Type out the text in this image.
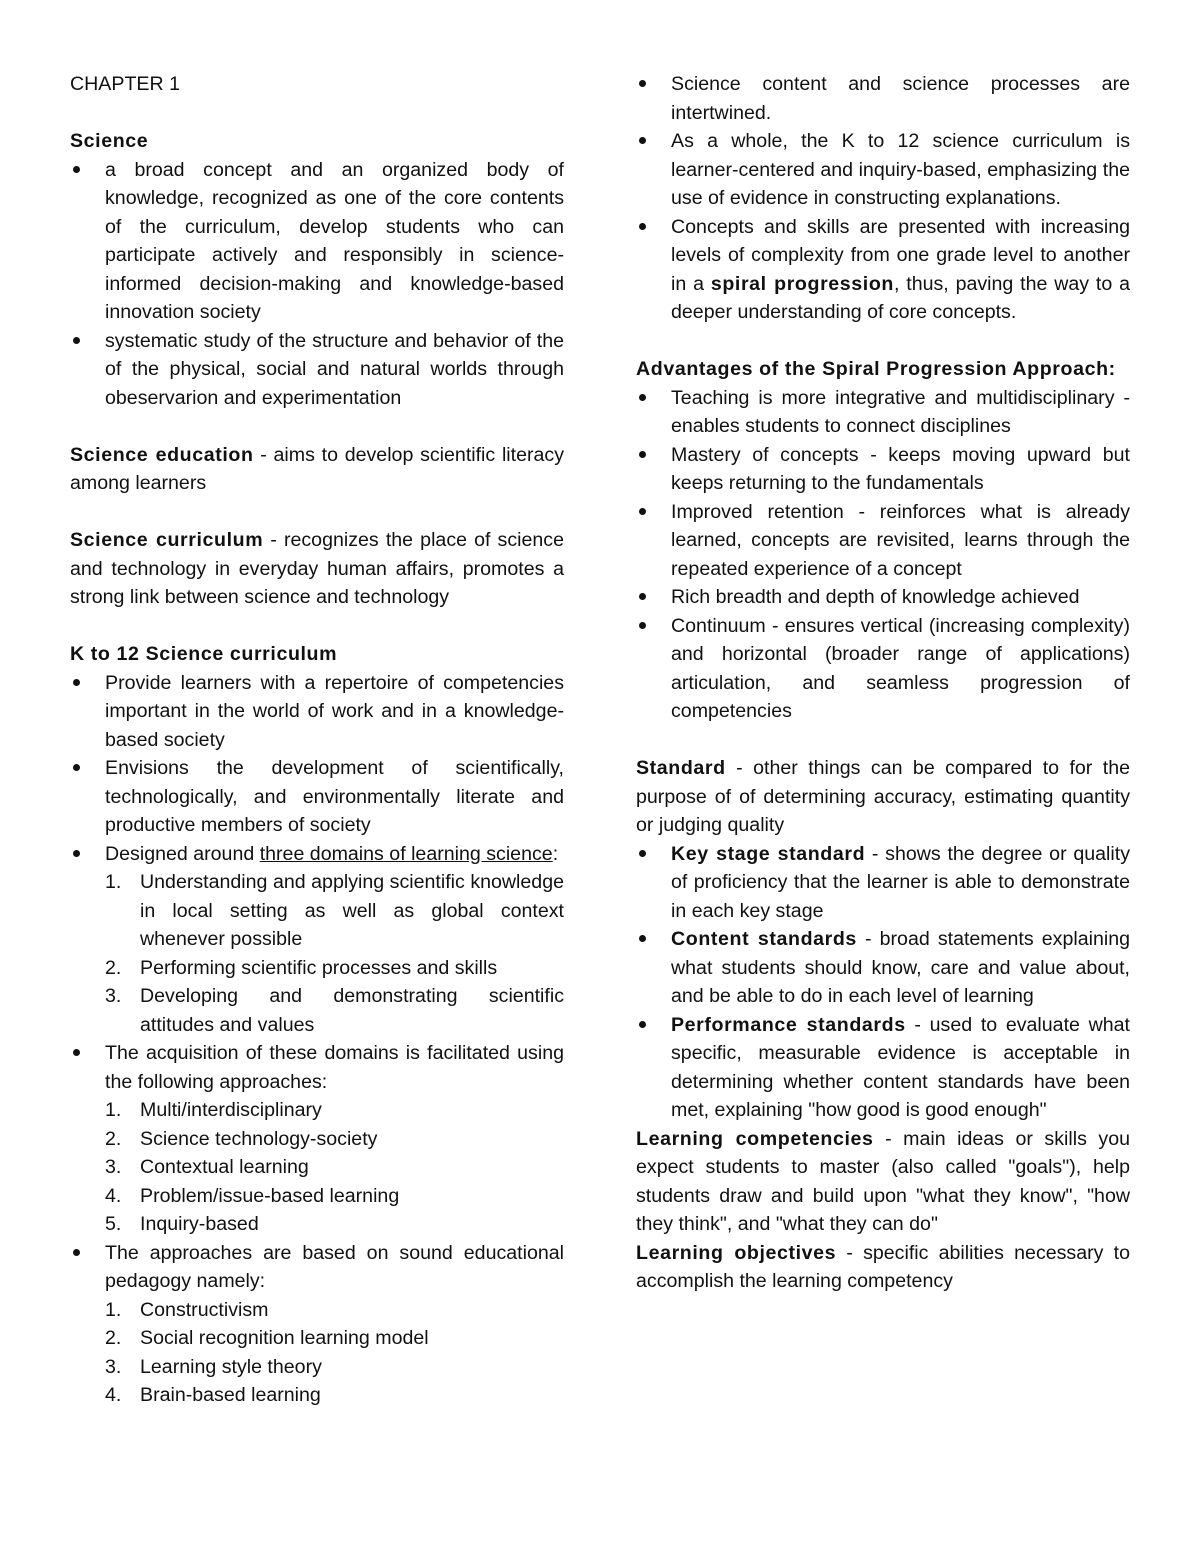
CHAPTER 1

Science

a broad concept and an organized body of knowledge, recognized as one of the core contents of the curriculum, develop students who can participate actively and responsibly in science-informed decision-making and knowledge-based innovation society
systematic study of the structure and behavior of the of the physical, social and natural worlds through obeservarion and experimentation

Science education - aims to develop scientific literacy among learners

Science curriculum - recognizes the place of science and technology in everyday human affairs, promotes a strong link between science and technology

K to 12 Science curriculum

Provide learners with a repertoire of competencies important in the world of work and in a knowledge-based society
Envisions the development of scientifically, technologically, and environmentally literate and productive members of society
Designed around three domains of learning science:
1. Understanding and applying scientific knowledge in local setting as well as global context whenever possible
2. Performing scientific processes and skills
3. Developing and demonstrating scientific attitudes and values
The acquisition of these domains is facilitated using the following approaches:
1. Multi/interdisciplinary
2. Science technology-society
3. Contextual learning
4. Problem/issue-based learning
5. Inquiry-based
The approaches are based on sound educational pedagogy namely:
1. Constructivism
2. Social recognition learning model
3. Learning style theory
4. Brain-based learning
Science content and science processes are intertwined.
As a whole, the K to 12 science curriculum is learner-centered and inquiry-based, emphasizing the use of evidence in constructing explanations.
Concepts and skills are presented with increasing levels of complexity from one grade level to another in a spiral progression, thus, paving the way to a deeper understanding of core concepts.

Advantages of the Spiral Progression Approach:

Teaching is more integrative and multidisciplinary - enables students to connect disciplines
Mastery of concepts - keeps moving upward but keeps returning to the fundamentals
Improved retention - reinforces what is already learned, concepts are revisited, learns through the repeated experience of a concept
Rich breadth and depth of knowledge achieved
Continuum - ensures vertical (increasing complexity) and horizontal (broader range of applications) articulation, and seamless progression of competencies

Standard - other things can be compared to for the purpose of of determining accuracy, estimating quantity or judging quality

Key stage standard - shows the degree or quality of proficiency that the learner is able to demonstrate in each key stage
Content standards - broad statements explaining what students should know, care and value about, and be able to do in each level of learning
Performance standards - used to evaluate what specific, measurable evidence is acceptable in determining whether content standards have been met, explaining "how good is good enough"

Learning competencies - main ideas or skills you expect students to master (also called "goals"), help students draw and build upon "what they know", "how they think", and "what they can do"

Learning objectives - specific abilities necessary to accomplish the learning competency
